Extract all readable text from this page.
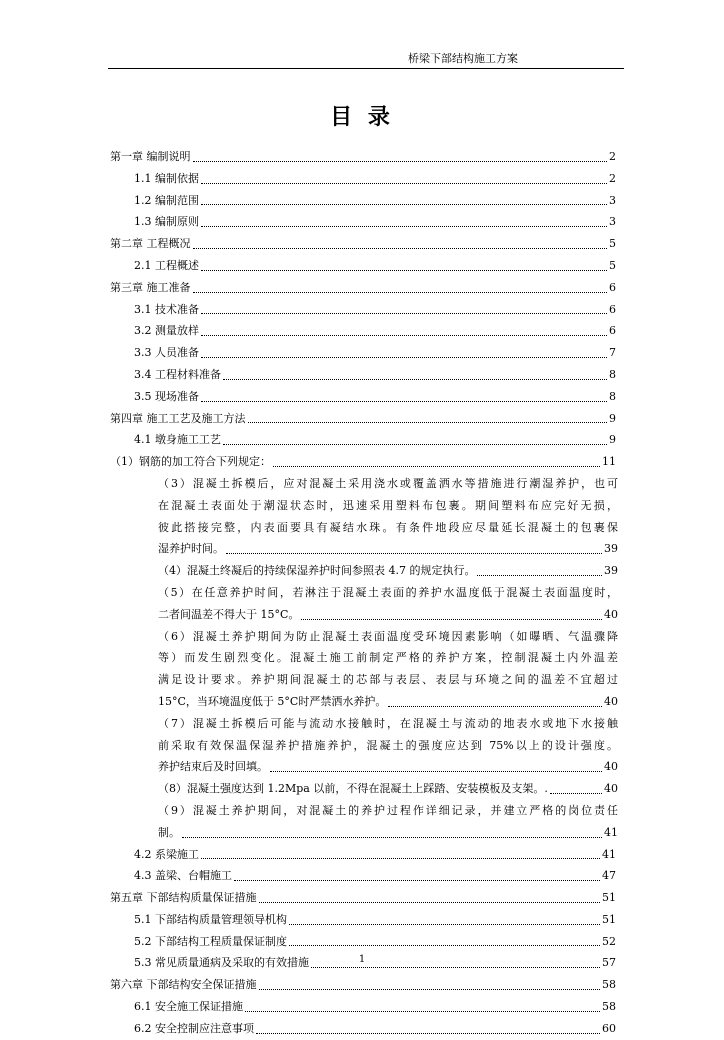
桥梁下部结构施工方案
目 录
第一章 编制说明	2
1.1 编制依据	2
1.2 编制范围	3
1.3 编制原则	3
第二章 工程概况	5
2.1 工程概述	5
第三章 施工准备	6
3.1 技术准备	6
3.2 测量放样	6
3.3 人员准备	7
3.4 工程材料准备	8
3.5 现场准备	8
第四章 施工工艺及施工方法	9
4.1 墩身施工工艺	9
（1）钢筋的加工符合下列规定：	11
（3）混凝土拆模后，应对混凝土采用浇水或覆盖洒水等措施进行潮湿养护，也可
在混凝土表面处于潮湿状态时，迅速采用塑料布包裹。期间塑料布应完好无损，
彼此搭接完整，内表面要具有凝结水珠。有条件地段应尽量延长混凝土的包裹保
湿养护时间。	39
（4）混凝土终凝后的持续保湿养护时间参照表 4.7 的规定执行。	39
（5）在任意养护时间，若淋注于混凝土表面的养护水温度低于混凝土表面温度时，
二者间温差不得大于 15°C。	40
（6）混凝土养护期间为防止混凝土表面温度受环境因素影响（如曝晒、气温骤降
等）而发生剧烈变化。混凝土施工前制定严格的养护方案，控制混凝土内外温差
满足设计要求。养护期间混凝土的芯部与表层、表层与环境之间的温差不宜超过
15°C，当环境温度低于 5°C时严禁洒水养护。	40
（7）混凝土拆模后可能与流动水接触时，在混凝土与流动的地表水或地下水接触
前采取有效保温保湿养护措施养护，混凝土的强度应达到 75%以上的设计强度。
养护结束后及时回填。	40
（8）混凝土强度达到 1.2Mpa 以前，不得在混凝土上踩踏、安装模板及支架。.	40
（9）混凝土养护期间，对混凝土的养护过程作详细记录，并建立严格的岗位责任
制。	41
4.2 系梁施工	41
4.3 盖梁、台帽施工	47
第五章 下部结构质量保证措施	51
5.1 下部结构质量管理领导机构	51
5.2 下部结构工程质量保证制度	52
5.3 常见质量通病及采取的有效措施	57
第六章 下部结构安全保证措施	58
6.1 安全施工保证措施	58
6.2 安全控制应注意事项	60
1
